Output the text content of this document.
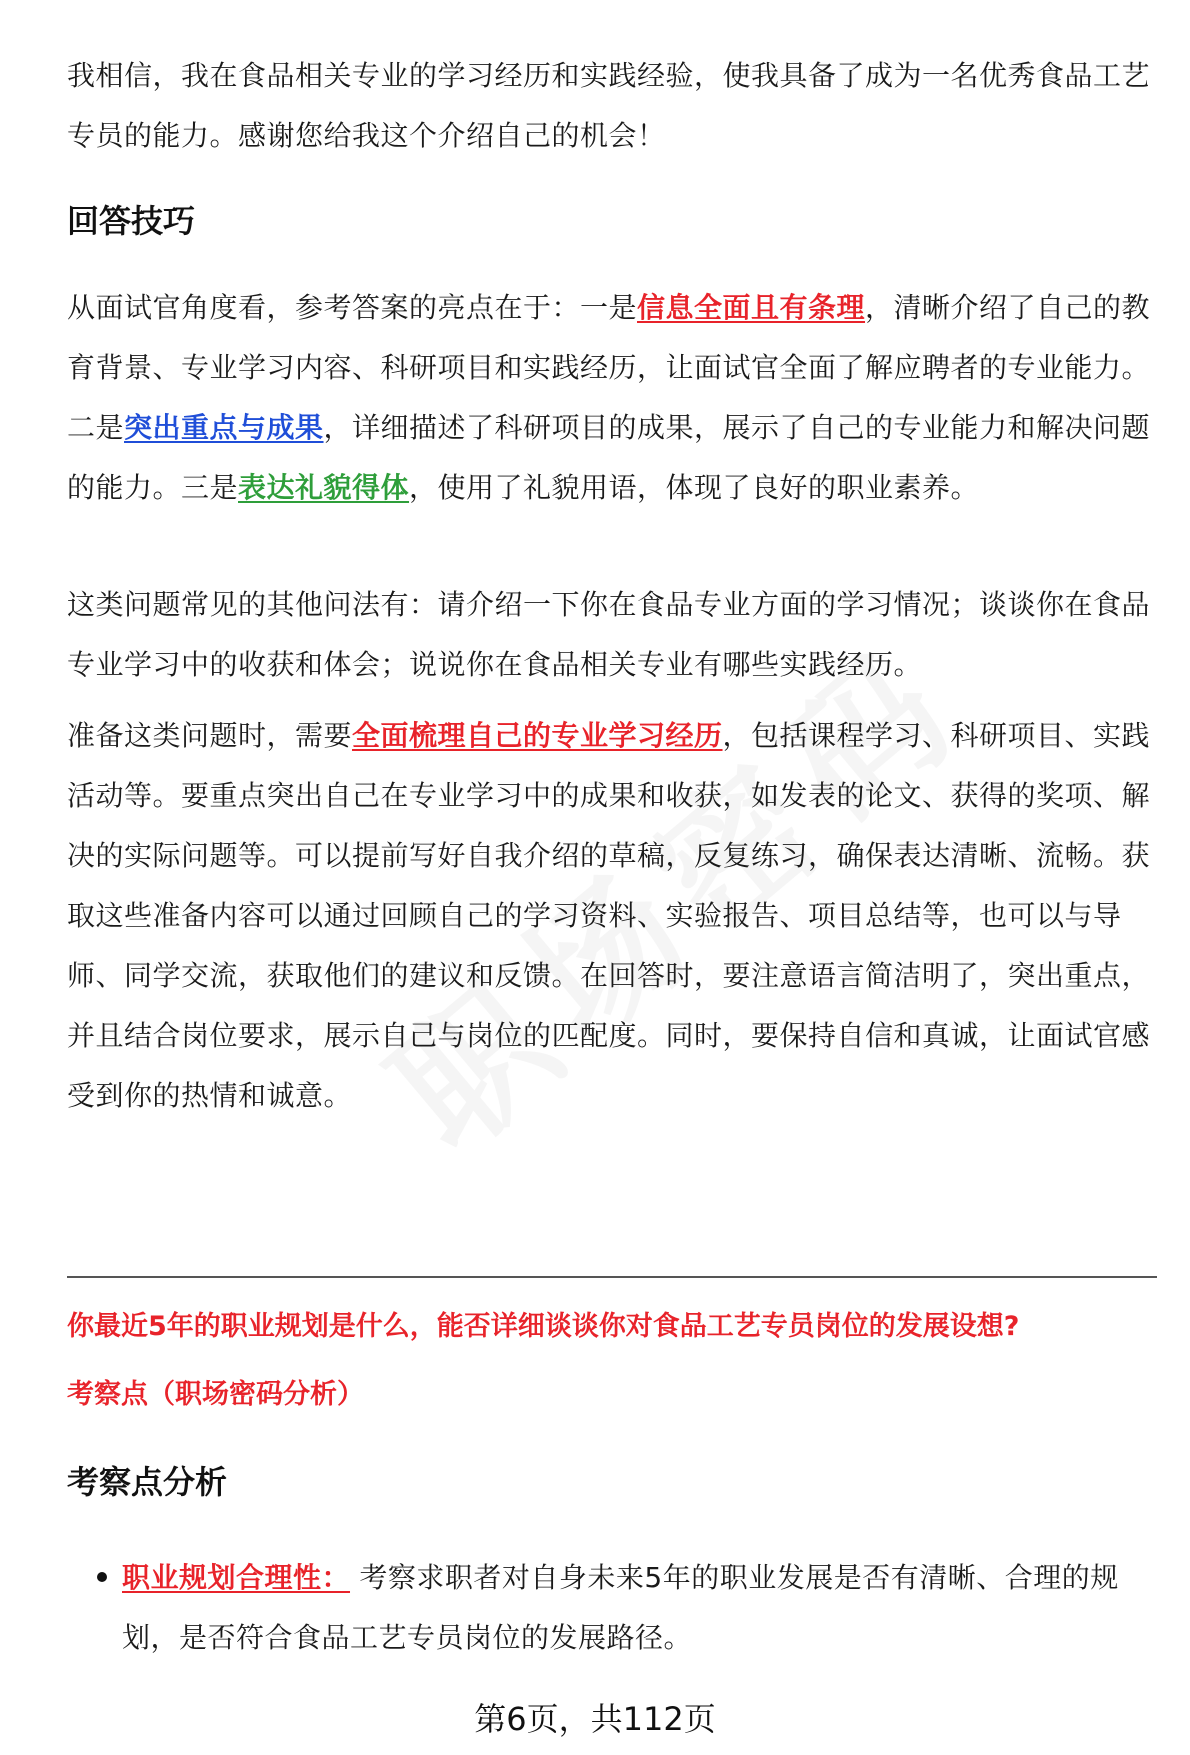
我相信，我在食品相关专业的学习经历和实践经验，使我具备了成为一名优秀食品工艺专员的能力。感谢您给我这个介绍自己的机会！

回答技巧

从面试官角度看，参考答案的亮点在于：一是信息全面且有条理，清晰介绍了自己的教育背景、专业学习内容、科研项目和实践经历，让面试官全面了解应聘者的专业能力。二是突出重点与成果，详细描述了科研项目的成果，展示了自己的专业能力和解决问题的能力。三是表达礼貌得体，使用了礼貌用语，体现了良好的职业素养。

这类问题常见的其他问法有：请介绍一下你在食品专业方面的学习情况；谈谈你在食品专业学习中的收获和体会；说说你在食品相关专业有哪些实践经历。

准备这类问题时，需要全面梳理自己的专业学习经历，包括课程学习、科研项目、实践活动等。要重点突出自己在专业学习中的成果和收获，如发表的论文、获得的奖项、解决的实际问题等。可以提前写好自我介绍的草稿，反复练习，确保表达清晰、流畅。获取这些准备内容可以通过回顾自己的学习资料、实验报告、项目总结等，也可以与导师、同学交流，获取他们的建议和反馈。在回答时，要注意语言简洁明了，突出重点，并且结合岗位要求，展示自己与岗位的匹配度。同时，要保持自信和真诚，让面试官感受到你的热情和诚意。

你最近5年的职业规划是什么，能否详细谈谈你对食品工艺专员岗位的发展设想?

考察点（职场密码分析）

考察点分析

职业规划合理性： 考察求职者对自身未来5年的职业发展是否有清晰、合理的规划，是否符合食品工艺专员岗位的发展路径。

第6页，共112页
